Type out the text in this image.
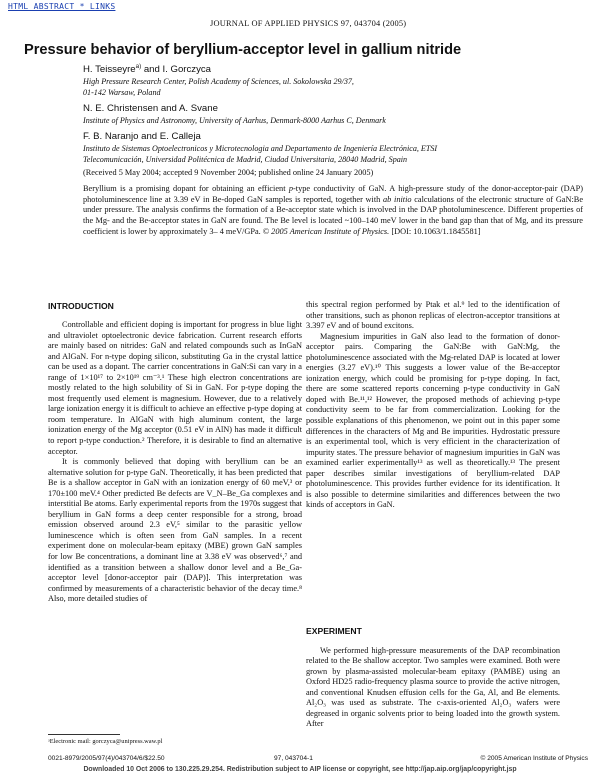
HTML ABSTRACT * LINKS
JOURNAL OF APPLIED PHYSICS 97, 043704 (2005)
Pressure behavior of beryllium-acceptor level in gallium nitride
H. Teisseyre$^{a)}$ and I. Gorczyca
High Pressure Research Center, Polish Academy of Sciences, ul. Sokolowska 29/37,
01-142 Warsaw, Poland
N. E. Christensen and A. Svane
Institute of Physics and Astronomy, University of Aarhus, Denmark-8000 Aarhus C, Denmark
F. B. Naranjo and E. Calleja
Instituto de Sistemas Optoelectronicos y Microtecnologia and Departamento de Ingeniería Electrónica, ETSI
Telecomunicación, Universidad Politécnica de Madrid, Ciudad Universitaria, 28040 Madrid, Spain
(Received 5 May 2004; accepted 9 November 2004; published online 24 January 2005)

Beryllium is a promising dopant for obtaining an efficient p-type conductivity of GaN. A high-pressure study of the donor-acceptor-pair (DAP) photoluminescence line at 3.39 eV in Be-doped GaN samples is reported, together with ab initio calculations of the electronic structure of GaN:Be under pressure. The analysis confirms the formation of a Be-acceptor state which is involved in the DAP photoluminescence. Different properties of the Mg- and the Be-acceptor states in GaN are found. The Be level is located ~100–140 meV lower in the band gap than that of Mg, and its pressure coefficient is lower by approximately 3– 4 meV/GPa. © 2005 American Institute of Physics. [DOI: 10.1063/1.1845581]

INTRODUCTION

Controllable and efficient doping is important for progress in blue light and ultraviolet optoelectronic device fabrication. Current research efforts are mainly based on nitrides: GaN and related compounds such as InGaN and AlGaN. For n-type doping silicon, substituting Ga in the crystal lattice can be used as a dopant. The carrier concentrations in GaN:Si can vary in a range of 1×10¹⁷ to 2×10¹⁹ cm⁻³.¹ These high electron concentrations are mostly related to the high solubility of Si in GaN. For p-type doping the most frequently used element is magnesium. However, due to a relatively large ionization energy it is difficult to achieve an effective p-type doping at room temperature. In AlGaN with high aluminum content, the large ionization energy of the Mg acceptor (0.51 eV in AlN) has made it difficult to report p-type conduction.² Therefore, it is desirable to find an alternative acceptor.

It is commonly believed that doping with beryllium can be an alternative solution for p-type GaN. Theoretically, it has been predicted that Be is a shallow acceptor in GaN with an ionization energy of 60 meV,³ or 170±100 meV.⁴ Other predicted Be defects are V_N–Be_Ga complexes and interstitial Be atoms. Early experimental reports from the 1970s suggest that beryllium in GaN forms a deep center responsible for a strong, broad emission observed around 2.3 eV,⁵ similar to the parasitic yellow luminescence which is often seen from GaN samples. In a recent experiment done on molecular-beam epitaxy (MBE) grown GaN samples for low Be concentrations, a dominant line at 3.38 eV was observed⁶,⁷ and identified as a transition between a shallow donor level and a Be_Ga-acceptor level [donor-acceptor pair (DAP)]. This interpretation was confirmed by measurements of a characteristic behavior of the decay time.⁸ Also, more detailed studies of

this spectral region performed by Ptak et al.⁹ led to the identification of other transitions, such as phonon replicas of electron-acceptor transitions at 3.397 eV and of bound excitons.

Magnesium impurities in GaN also lead to the formation of donor-acceptor pairs. Comparing the GaN:Be with GaN:Mg, the photoluminescence associated with the Mg-related DAP is located at lower energies (3.27 eV).¹⁰ This suggests a lower value of the Be-acceptor ionization energy, which could be promising for p-type doping. In fact, there are some scattered reports concerning p-type conductivity in GaN doped with Be.¹¹,¹² However, the proposed methods of achieving p-type conductivity seem to be far from commercialization. Looking for the possible explanations of this phenomenon, we point out in this paper some differences in the characters of Mg and Be impurities. Hydrostatic pressure is an experimental tool, which is very efficient in the characterization of impurity states. The pressure behavior of magnesium impurities in GaN was examined earlier experimentally¹³ as well as theoretically.¹³ The present paper describes similar investigations of beryllium-related DAP photoluminescence. This provides further evidence for its identification. It is also possible to determine similarities and differences between the two kinds of acceptors in GaN.

EXPERIMENT

We performed high-pressure measurements of the DAP recombination related to the Be shallow acceptor. Two samples were examined. Both were grown by plasma-assisted molecular-beam epitaxy (PAMBE) using an Oxford HD25 radio-frequency plasma source to provide the active nitrogen, and conventional Knudsen effusion cells for the Ga, Al, and Be elements. Al₂O₃ was used as substrate. The c-axis-oriented Al₂O₃ wafers were degreased in organic solvents prior to being loaded into the growth system. After

ᵃElectronic mail: gorczyca@unipress.waw.pl
0021-8979/2005/97(4)/043704/6/$22.50	97, 043704-1	© 2005 American Institute of Physics
Downloaded 10 Oct 2006 to 130.225.29.254. Redistribution subject to AIP license or copyright, see http://jap.aip.org/jap/copyright.jsp
